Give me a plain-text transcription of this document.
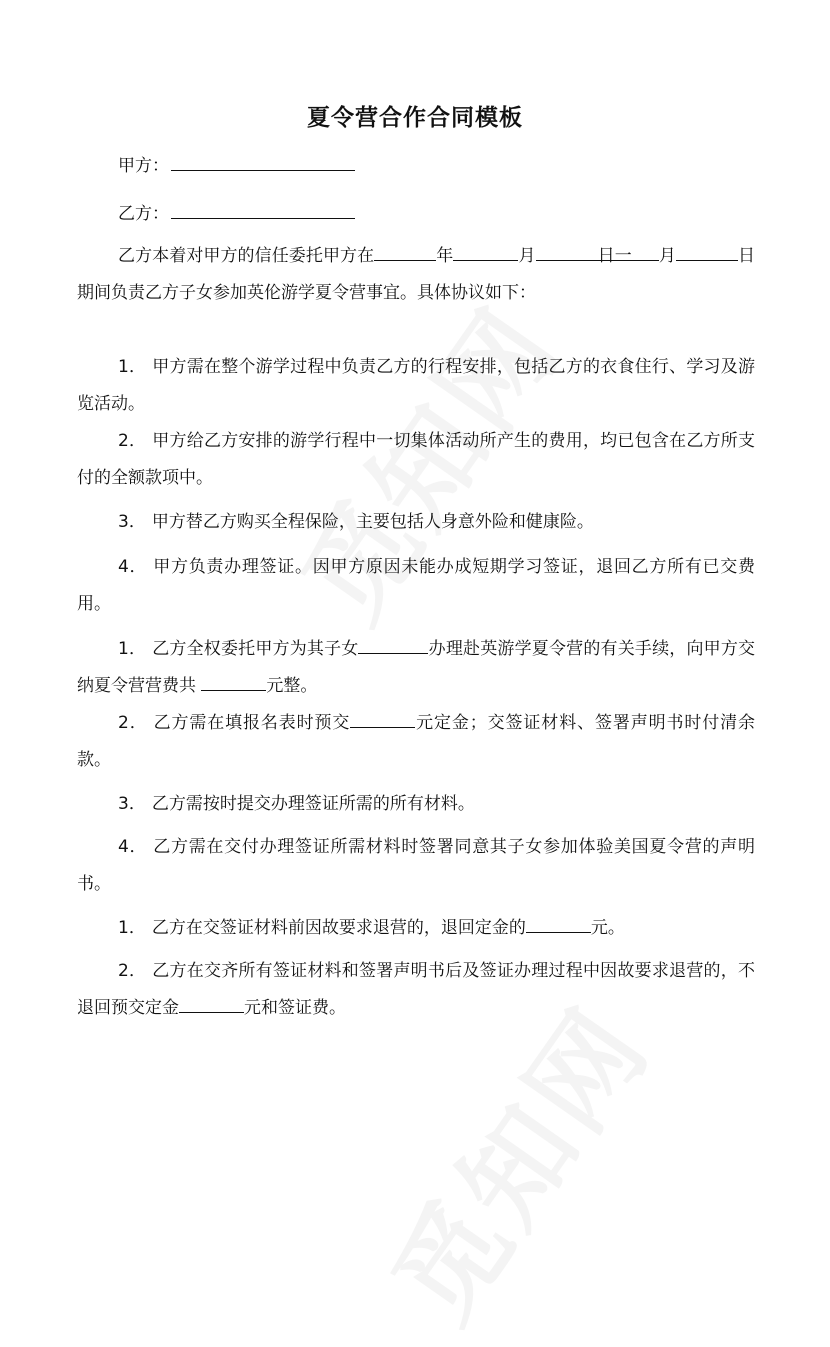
夏令营合作合同模板
甲方：
乙方：
乙方本着对甲方的信任委托甲方在	年	月	日一 月	日期间负责乙方子女参加英伦游学夏令营事宜。具体协议如下：
1． 甲方需在整个游学过程中负责乙方的行程安排，包括乙方的衣食住行、学习及游览活动。
2． 甲方给乙方安排的游学行程中一切集体活动所产生的费用，均已包含在乙方所支付的全额款项中。
3． 甲方替乙方购买全程保险，主要包括人身意外险和健康险。
4． 甲方负责办理签证。因甲方原因未能办成短期学习签证，退回乙方所有已交费用。
1． 乙方全权委托甲方为其子女	办理赴英游学夏令营的有关手续，向甲方交纳夏令营营费共	元整。
2． 乙方需在填报名表时预交	元定金；交签证材料、签署声明书时付清余款。
3． 乙方需按时提交办理签证所需的所有材料。
4． 乙方需在交付办理签证所需材料时签署同意其子女参加体验美国夏令营的声明书。
1． 乙方在交签证材料前因故要求退营的，退回定金的	元。
2． 乙方在交齐所有签证材料和签署声明书后及签证办理过程中因故要求退营的，不退回预交定金	元和签证费。
